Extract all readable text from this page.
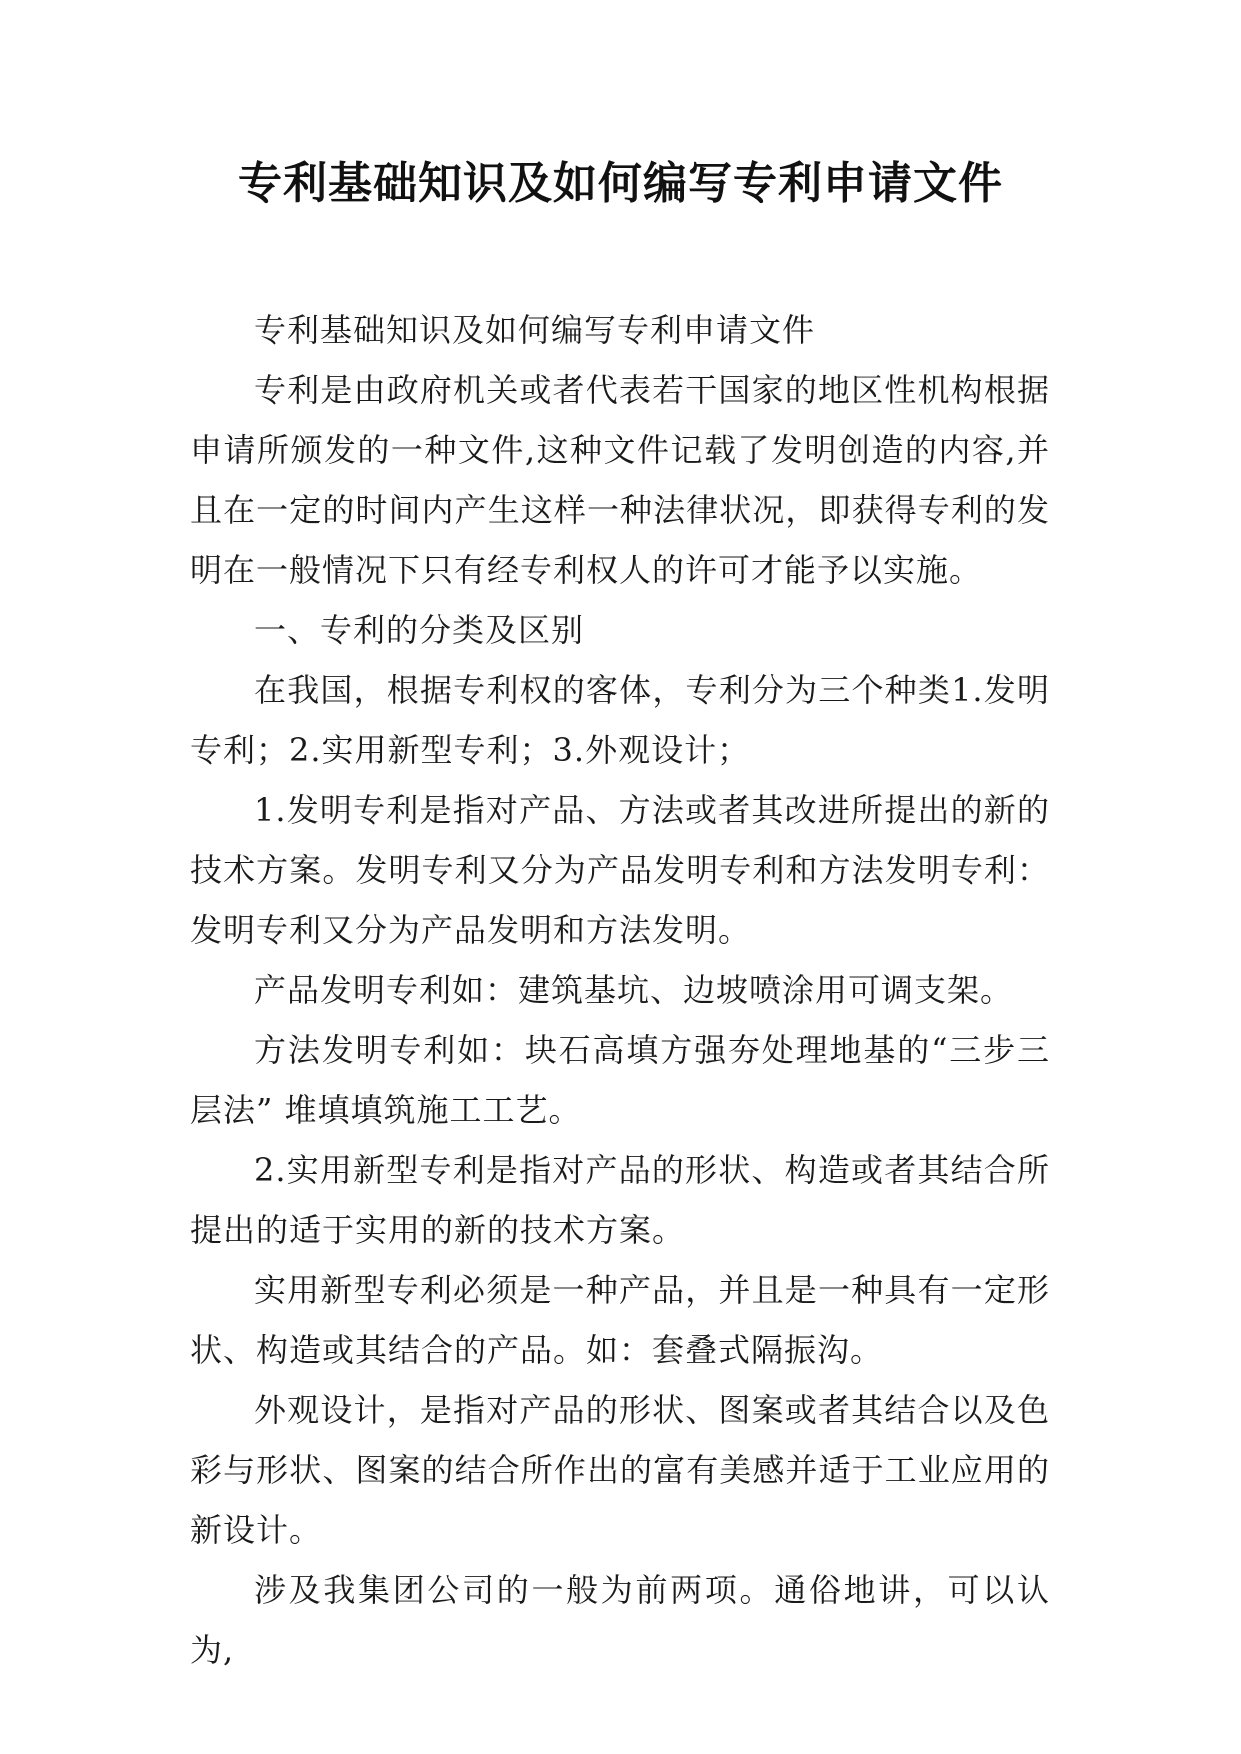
专利基础知识及如何编写专利申请文件

专利基础知识及如何编写专利申请文件

专利是由政府机关或者代表若干国家的地区性机构根据申请所颁发的一种文件,这种文件记载了发明创造的内容,并且在一定的时间内产生这样一种法律状况，即获得专利的发明在一般情况下只有经专利权人的许可才能予以实施。

一、专利的分类及区别

在我国，根据专利权的客体，专利分为三个种类1.发明专利；2.实用新型专利；3.外观设计；

1.发明专利是指对产品、方法或者其改进所提出的新的技术方案。发明专利又分为产品发明专利和方法发明专利：发明专利又分为产品发明和方法发明。

产品发明专利如：建筑基坑、边坡喷涂用可调支架。

方法发明专利如：块石高填方强夯处理地基的“三步三层法” 堆填填筑施工工艺。

2.实用新型专利是指对产品的形状、构造或者其结合所提出的适于实用的新的技术方案。

实用新型专利必须是一种产品，并且是一种具有一定形状、构造或其结合的产品。如：套叠式隔振沟。

外观设计，是指对产品的形状、图案或者其结合以及色彩与形状、图案的结合所作出的富有美感并适于工业应用的新设计。

涉及我集团公司的一般为前两项。通俗地讲，可以认为,
